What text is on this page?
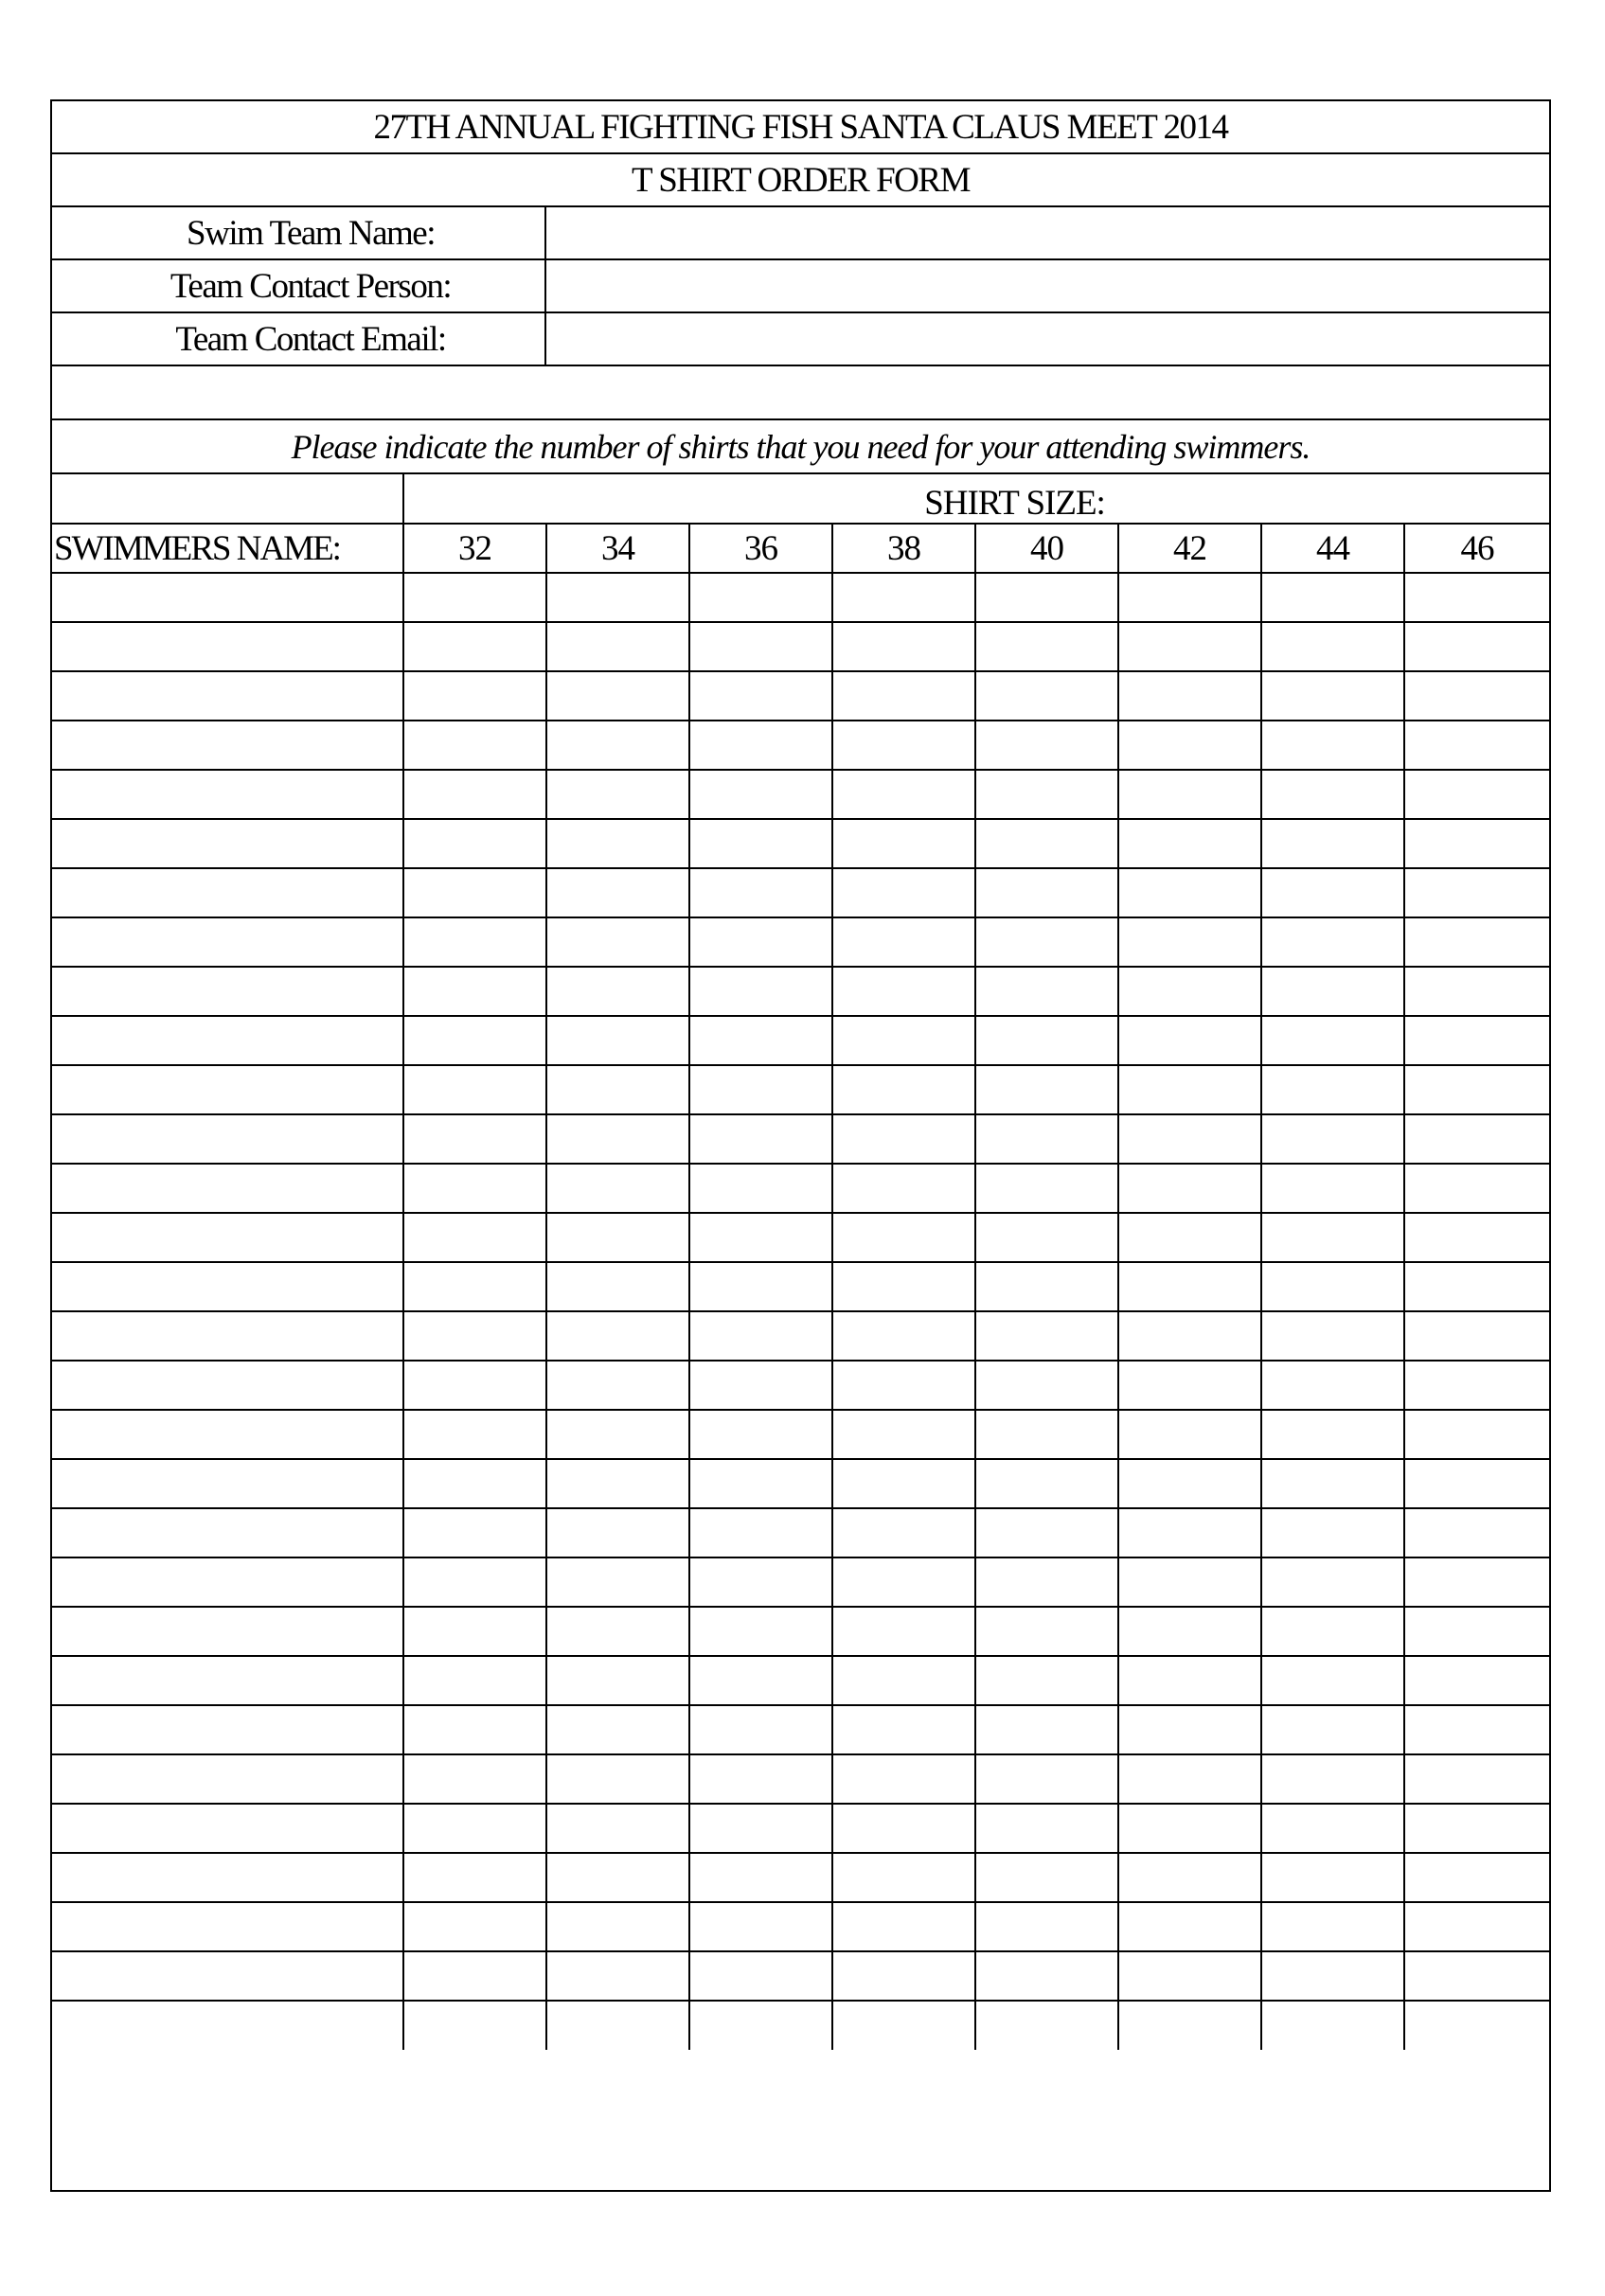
27TH ANNUAL FIGHTING FISH SANTA CLAUS MEET 2014
T SHIRT ORDER FORM
Swim Team Name:
Team Contact Person:
Team Contact Email:
Please indicate the number of shirts that you need for your attending swimmers.
	SHIRT SIZE:							
SWIMMERS NAME:	32	34	36	38	40	42	44	46
